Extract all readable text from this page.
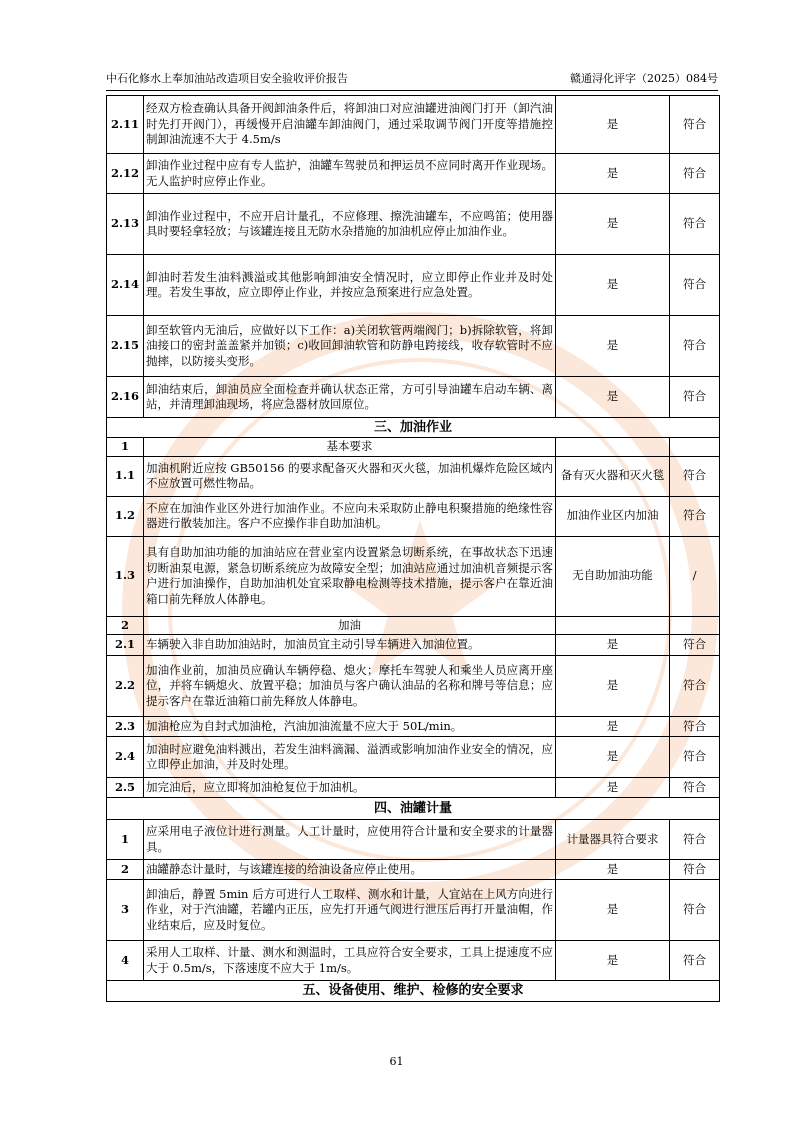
中石化修水上奉加油站改造项目安全验收评价报告	赣通浔化评字（2025）084号
2.11	经双方检查确认具备开阀卸油条件后，将卸油口对应油罐进油阀门打开（卸汽油时先打开阀门），再缓慢开启油罐车卸油阀门，通过采取调节阀门开度等措施控制卸油流速不大于 4.5m/s	是	符合
2.12	卸油作业过程中应有专人监护，油罐车驾驶员和押运员不应同时离开作业现场。无人监护时应停止作业。	是	符合
2.13	卸油作业过程中，不应开启计量孔，不应修理、擦洗油罐车，不应鸣笛；使用器具时要轻拿轻放；与该罐连接且无防水杂措施的加油机应停止加油作业。	是	符合
2.14	卸油时若发生油料溅溢或其他影响卸油安全情况时，应立即停止作业并及时处理。若发生事故，应立即停止作业，并按应急预案进行应急处置。	是	符合
2.15	卸至软管内无油后，应做好以下工作：a)关闭软管两端阀门；b)拆除软管，将卸油接口的密封盖盖紧并加锁；c)收回卸油软管和防静电跨接线，收存软管时不应抛摔，以防接头变形。	是	符合
2.16	卸油结束后，卸油员应全面检查并确认状态正常，方可引导油罐车启动车辆、离站，并清理卸油现场，将应急器材放回原位。	是	符合
三、加油作业			
1	基本要求		
1.1	加油机附近应按 GB50156 的要求配备灭火器和灭火毯，加油机爆炸危险区域内不应放置可燃性物品。	备有灭火器和灭火毯	符合
1.2	不应在加油作业区外进行加油作业。不应向未采取防止静电积聚措施的绝缘性容器进行散装加注。客户不应操作非自助加油机。	加油作业区内加油	符合
1.3	具有自助加油功能的加油站应在营业室内设置紧急切断系统，在事故状态下迅速切断油泵电源，紧急切断系统应为故障安全型；加油站应通过加油机音频提示客户进行加油操作，自助加油机处宜采取静电检测等技术措施，提示客户在靠近油箱口前先释放人体静电。	无自助加油功能	/
2	加油		
2.1	车辆驶入非自助加油站时，加油员宜主动引导车辆进入加油位置。	是	符合
2.2	加油作业前，加油员应确认车辆停稳、熄火；摩托车驾驶人和乘坐人员应离开座位，并将车辆熄火、放置平稳；加油员与客户确认油品的名称和牌号等信息；应提示客户在靠近油箱口前先释放人体静电。	是	符合
2.3	加油枪应为自封式加油枪，汽油加油流量不应大于 50L/min。	是	符合
2.4	加油时应避免油料溅出，若发生油料滴漏、溢洒或影响加油作业安全的情况，应立即停止加油，并及时处理。	是	符合
2.5	加完油后，应立即将加油枪复位于加油机。	是	符合
四、油罐计量			
1	应采用电子液位计进行测量。人工计量时，应使用符合计量和安全要求的计量器具。	计量器具符合要求	符合
2	油罐静态计量时，与该罐连接的给油设备应停止使用。	是	符合
3	卸油后，静置 5min 后方可进行人工取样、测水和计量，人宜站在上风方向进行作业，对于汽油罐，若罐内正压，应先打开通气阀进行泄压后再打开量油帽，作业结束后，应及时复位。	是	符合
4	采用人工取样、计量、测水和测温时，工具应符合安全要求，工具上提速度不应大于 0.5m/s，下落速度不应大于 1m/s。	是	符合
五、设备使用、维护、检修的安全要求			
61
